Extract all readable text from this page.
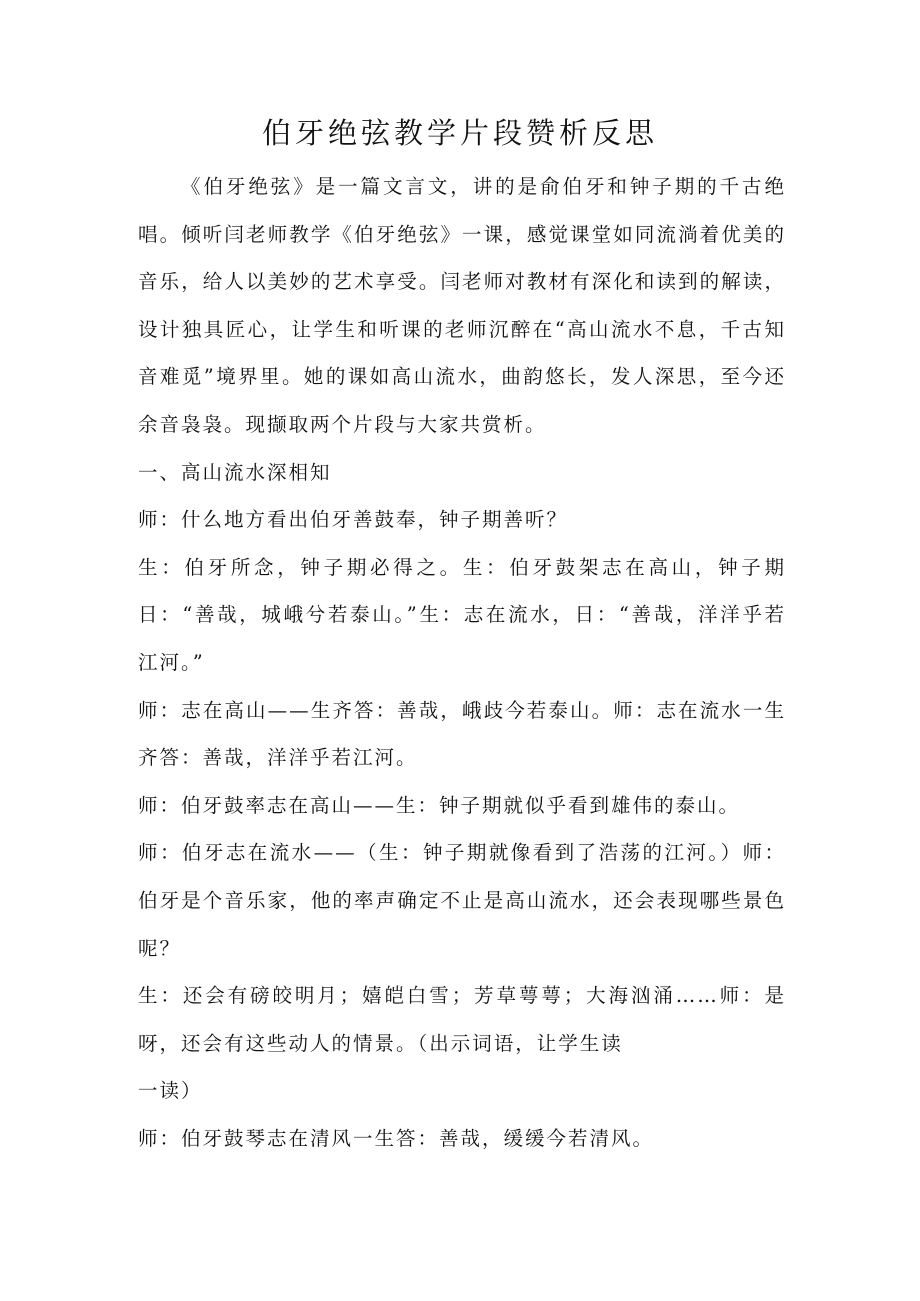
伯牙绝弦教学片段赞析反思

《伯牙绝弦》是一篇文言文，讲的是俞伯牙和钟子期的千古绝唱。倾听闫老师教学《伯牙绝弦》一课，感觉课堂如同流淌着优美的音乐，给人以美妙的艺术享受。闫老师对教材有深化和读到的解读，设计独具匠心，让学生和听课的老师沉醉在“高山流水不息，千古知音难觅”境界里。她的课如高山流水，曲韵悠长，发人深思，至今还余音袅袅。现撷取两个片段与大家共赏析。

一、高山流水深相知

师：什么地方看出伯牙善鼓奉，钟子期善听？

生：伯牙所念，钟子期必得之。生：伯牙鼓架志在高山，钟子期日：“善哉，城峨兮若泰山。”生：志在流水，日：“善哉，洋洋乎若江河。”

师：志在高山——生齐答：善哉，峨歧今若泰山。师：志在流水一生齐答：善哉，洋洋乎若江河。

师：伯牙鼓率志在高山——生：钟子期就似乎看到雄伟的泰山。

师：伯牙志在流水——（生：钟子期就像看到了浩荡的江河。）师：伯牙是个音乐家，他的率声确定不止是高山流水，还会表现哪些景色呢？

生：还会有磅皎明月；嬉皑白雪；芳草萼萼；大海汹涌……师：是呀，还会有这些动人的情景。（出示词语，让学生读

一读）

师：伯牙鼓琴志在清风一生答：善哉，缓缓今若清风。
